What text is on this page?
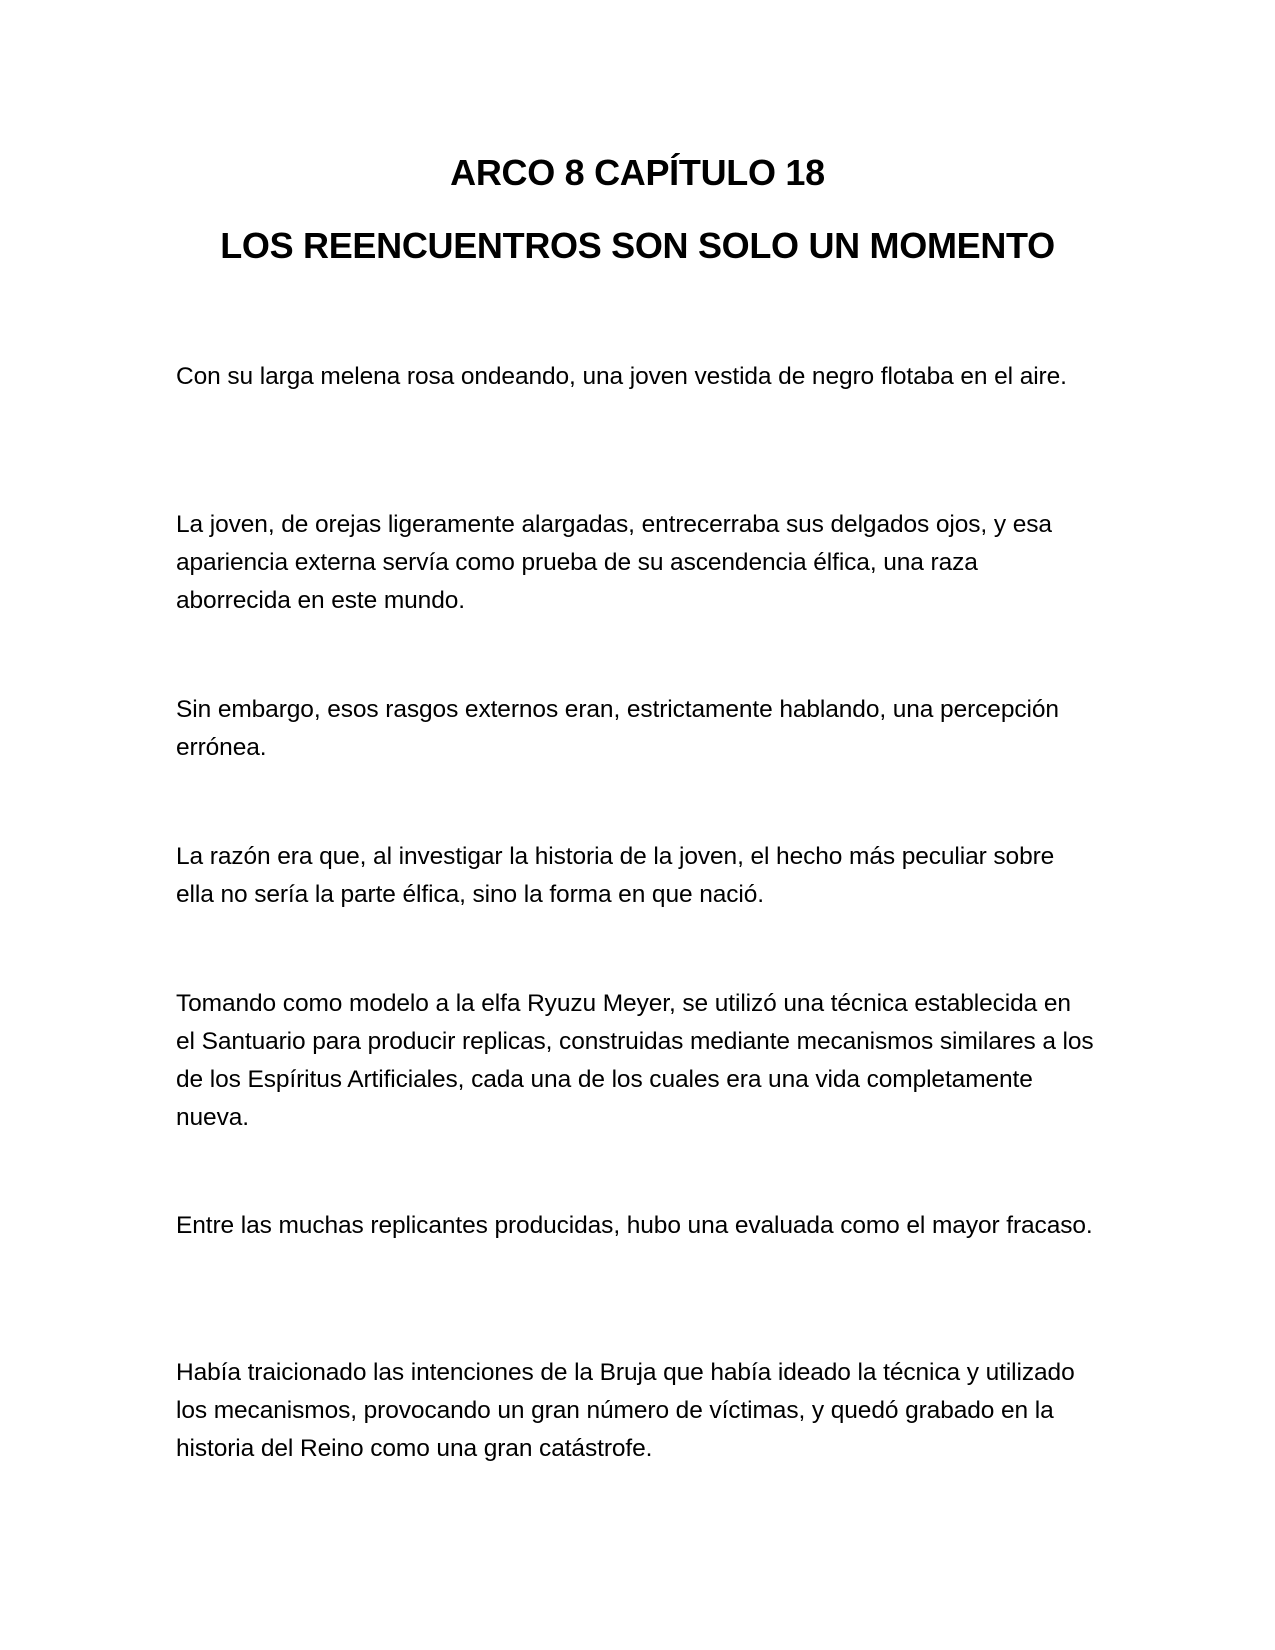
ARCO 8 CAPÍTULO 18
LOS REENCUENTROS SON SOLO UN MOMENTO

Con su larga melena rosa ondeando, una joven vestida de negro flotaba en el aire.

La joven, de orejas ligeramente alargadas, entrecerraba sus delgados ojos, y esa apariencia externa servía como prueba de su ascendencia élfica, una raza aborrecida en este mundo.

Sin embargo, esos rasgos externos eran, estrictamente hablando, una percepción errónea.

La razón era que, al investigar la historia de la joven, el hecho más peculiar sobre ella no sería la parte élfica, sino la forma en que nació.

Tomando como modelo a la elfa Ryuzu Meyer, se utilizó una técnica establecida en el Santuario para producir replicas, construidas mediante mecanismos similares a los de los Espíritus Artificiales, cada una de los cuales era una vida completamente nueva.

Entre las muchas replicantes producidas, hubo una evaluada como el mayor fracaso.

Había traicionado las intenciones de la Bruja que había ideado la técnica y utilizado los mecanismos, provocando un gran número de víctimas, y quedó grabado en la historia del Reino como una gran catástrofe.
